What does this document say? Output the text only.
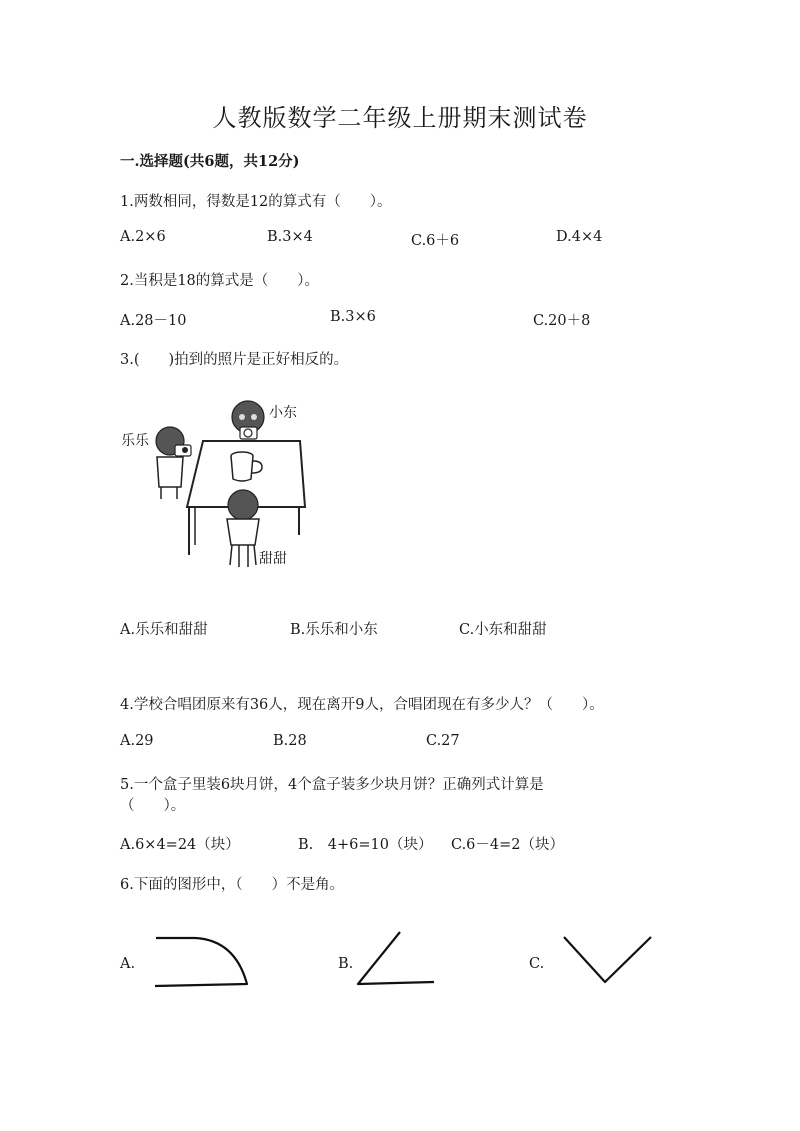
人教版数学二年级上册期末测试卷
一.选择题(共6题，共12分)
1.两数相同，得数是12的算式有（　　）。
A.2×6	B.3×4	C.6＋6	D.4×4
2.当积是18的算式是（　　）。
A.28－10	B.3×6	C.20＋8
3.(　　)拍到的照片是正好相反的。
小东
乐乐
甜甜
A.乐乐和甜甜	B.乐乐和小东	C.小东和甜甜
4.学校合唱团原来有36人，现在离开9人，合唱团现在有多少人？（　　）。
A.29	B.28	C.27
5.一个盒子里装6块月饼，4个盒子装多少块月饼？正确列式计算是
（　　）。
A.6×4=24（块）	B.　4+6=10（块） C.6－4=2（块）
6.下面的图形中，（　　）不是角。
A.	B.	C.
